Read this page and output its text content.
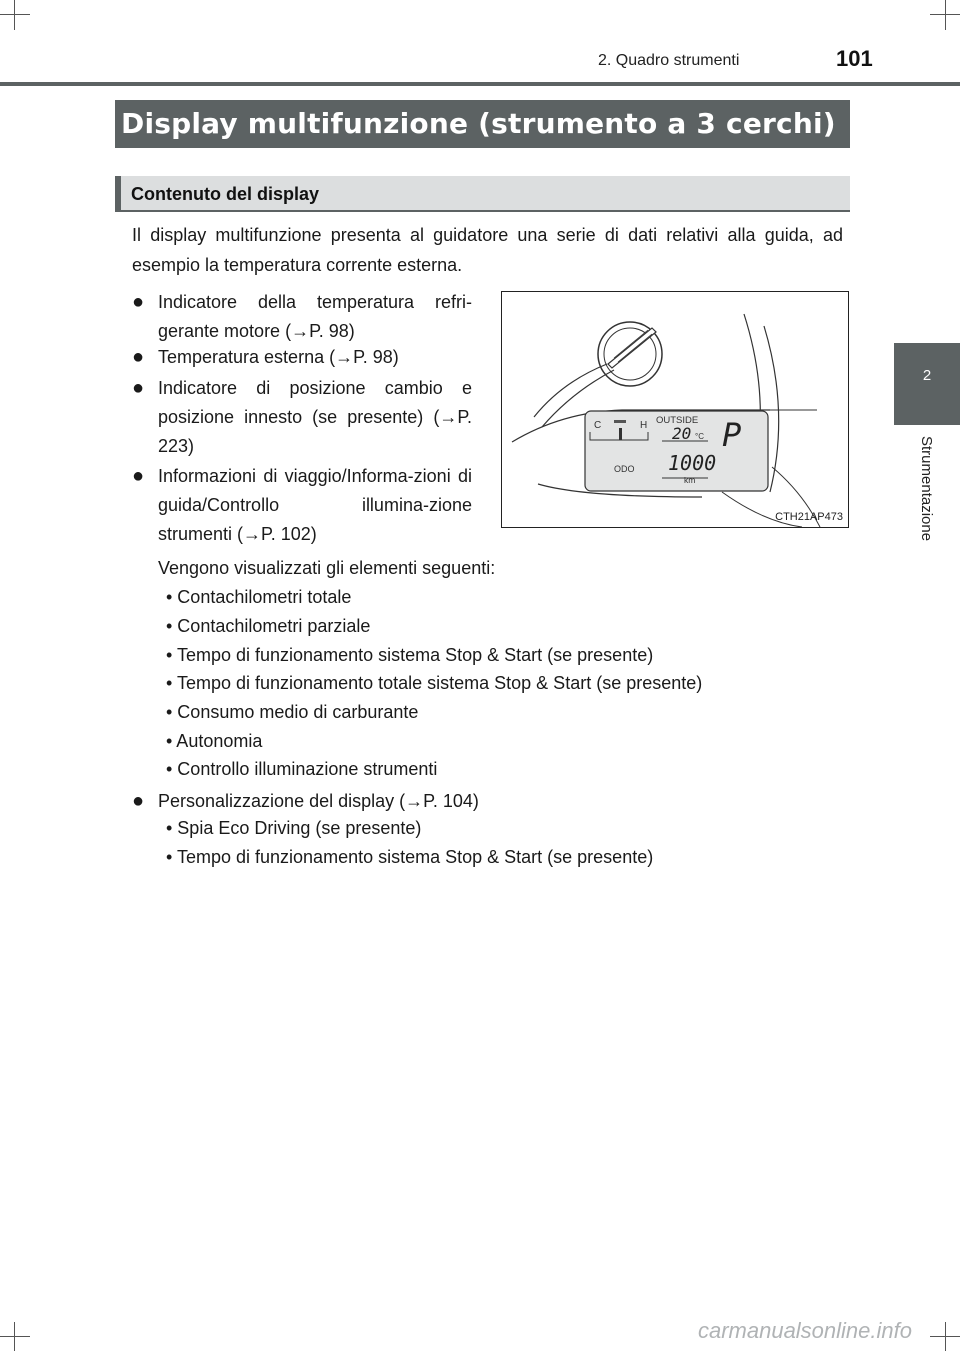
2. Quadro strumenti	101
2
Strumentazione
Display multifunzione (strumento a 3 cerchi)
Contenuto del display
Il display multifunzione presenta al guidatore una serie di dati relativi alla guida, ad esempio la temperatura corrente esterna.
● Indicatore della temperatura refri-gerante motore (→P. 98)
● Temperatura esterna (→P. 98)
● Indicatore di posizione cambio e posizione innesto (se presente) (→P. 223)
● Informazioni di viaggio/Informa-zioni di guida/Controllo illumina-zione strumenti (→P. 102)
C	H OUTSIDE
20 °C P
ODO 1000
km
CTH21AP473
Vengono visualizzati gli elementi seguenti:
• Contachilometri totale
• Contachilometri parziale
• Tempo di funzionamento sistema Stop & Start (se presente)
• Tempo di funzionamento totale sistema Stop & Start (se presente)
• Consumo medio di carburante
• Autonomia
• Controllo illuminazione strumenti
● Personalizzazione del display (→P. 104)
• Spia Eco Driving (se presente)
• Tempo di funzionamento sistema Stop & Start (se presente)
carmanualsonline.info
